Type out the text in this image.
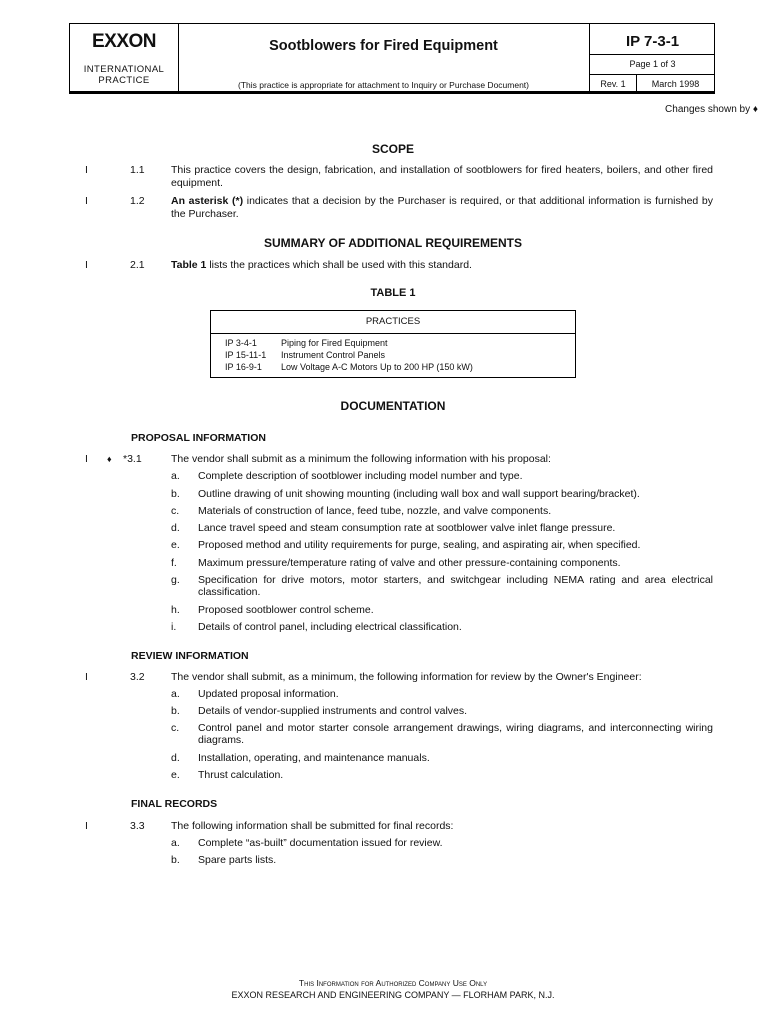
EXXON
INTERNATIONAL
PRACTICE
Sootblowers for Fired Equipment
(This practice is appropriate for attachment to Inquiry or Purchase Document)
IP 7-3-1
Page 1 of 3
Rev. 1	March 1998
Changes shown by ♦
SCOPE
I	1.1	This practice covers the design, fabrication, and installation of sootblowers for fired heaters, boilers, and other fired equipment.
I	1.2	An asterisk (*) indicates that a decision by the Purchaser is required, or that additional information is furnished by the Purchaser.
SUMMARY OF ADDITIONAL REQUIREMENTS
I	2.1	Table 1 lists the practices which shall be used with this standard.
TABLE 1
PRACTICES
IP 3-4-1	Piping for Fired Equipment
IP 15-11-1 Instrument Control Panels
IP 16-9-1 Low Voltage A-C Motors Up to 200 HP (150 kW)
DOCUMENTATION
PROPOSAL INFORMATION
I ♦ *3.1	The vendor shall submit as a minimum the following information with his proposal:
a. Complete description of sootblower including model number and type.
b. Outline drawing of unit showing mounting (including wall box and wall support bearing/bracket).
c. Materials of construction of lance, feed tube, nozzle, and valve components.
d. Lance travel speed and steam consumption rate at sootblower valve inlet flange pressure.
e. Proposed method and utility requirements for purge, sealing, and aspirating air, when specified.
f. Maximum pressure/temperature rating of valve and other pressure-containing components.
g. Specification for drive motors, motor starters, and switchgear including NEMA rating and area electrical classification.
h. Proposed sootblower control scheme.
i. Details of control panel, including electrical classification.
REVIEW INFORMATION
I	3.2	The vendor shall submit, as a minimum, the following information for review by the Owner's Engineer:
a. Updated proposal information.
b. Details of vendor-supplied instruments and control valves.
c. Control panel and motor starter console arrangement drawings, wiring diagrams, and interconnecting wiring diagrams.
d. Installation, operating, and maintenance manuals.
e. Thrust calculation.
FINAL RECORDS
I	3.3	The following information shall be submitted for final records:
a. Complete “as-built” documentation issued for review.
b. Spare parts lists.
This Information for Authorized Company Use Only
EXXON RESEARCH AND ENGINEERING COMPANY — FLORHAM PARK, N.J.
